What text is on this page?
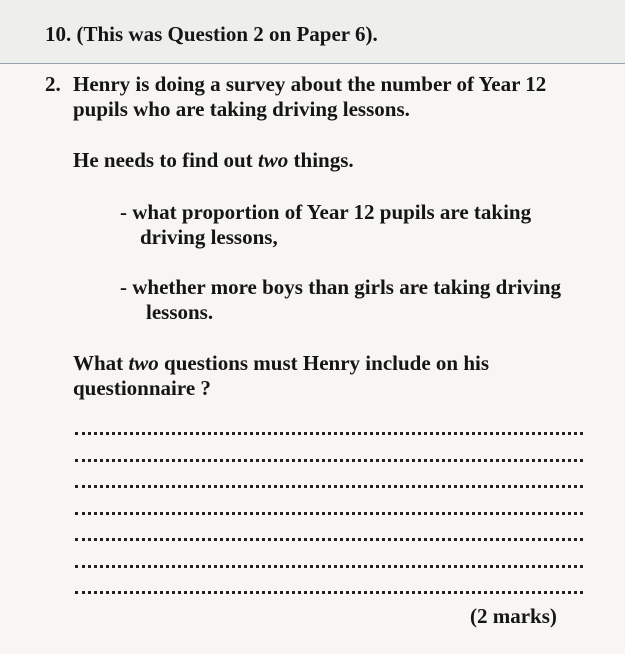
10. (This was Question 2 on Paper 6).
2. Henry is doing a survey about the number of Year 12
pupils who are taking driving lessons.
He needs to find out two things.
- what proportion of Year 12 pupils are taking
driving lessons,
- whether more boys than girls are taking driving
lessons.
What two questions must Henry include on his
questionnaire ?
(2 marks)
